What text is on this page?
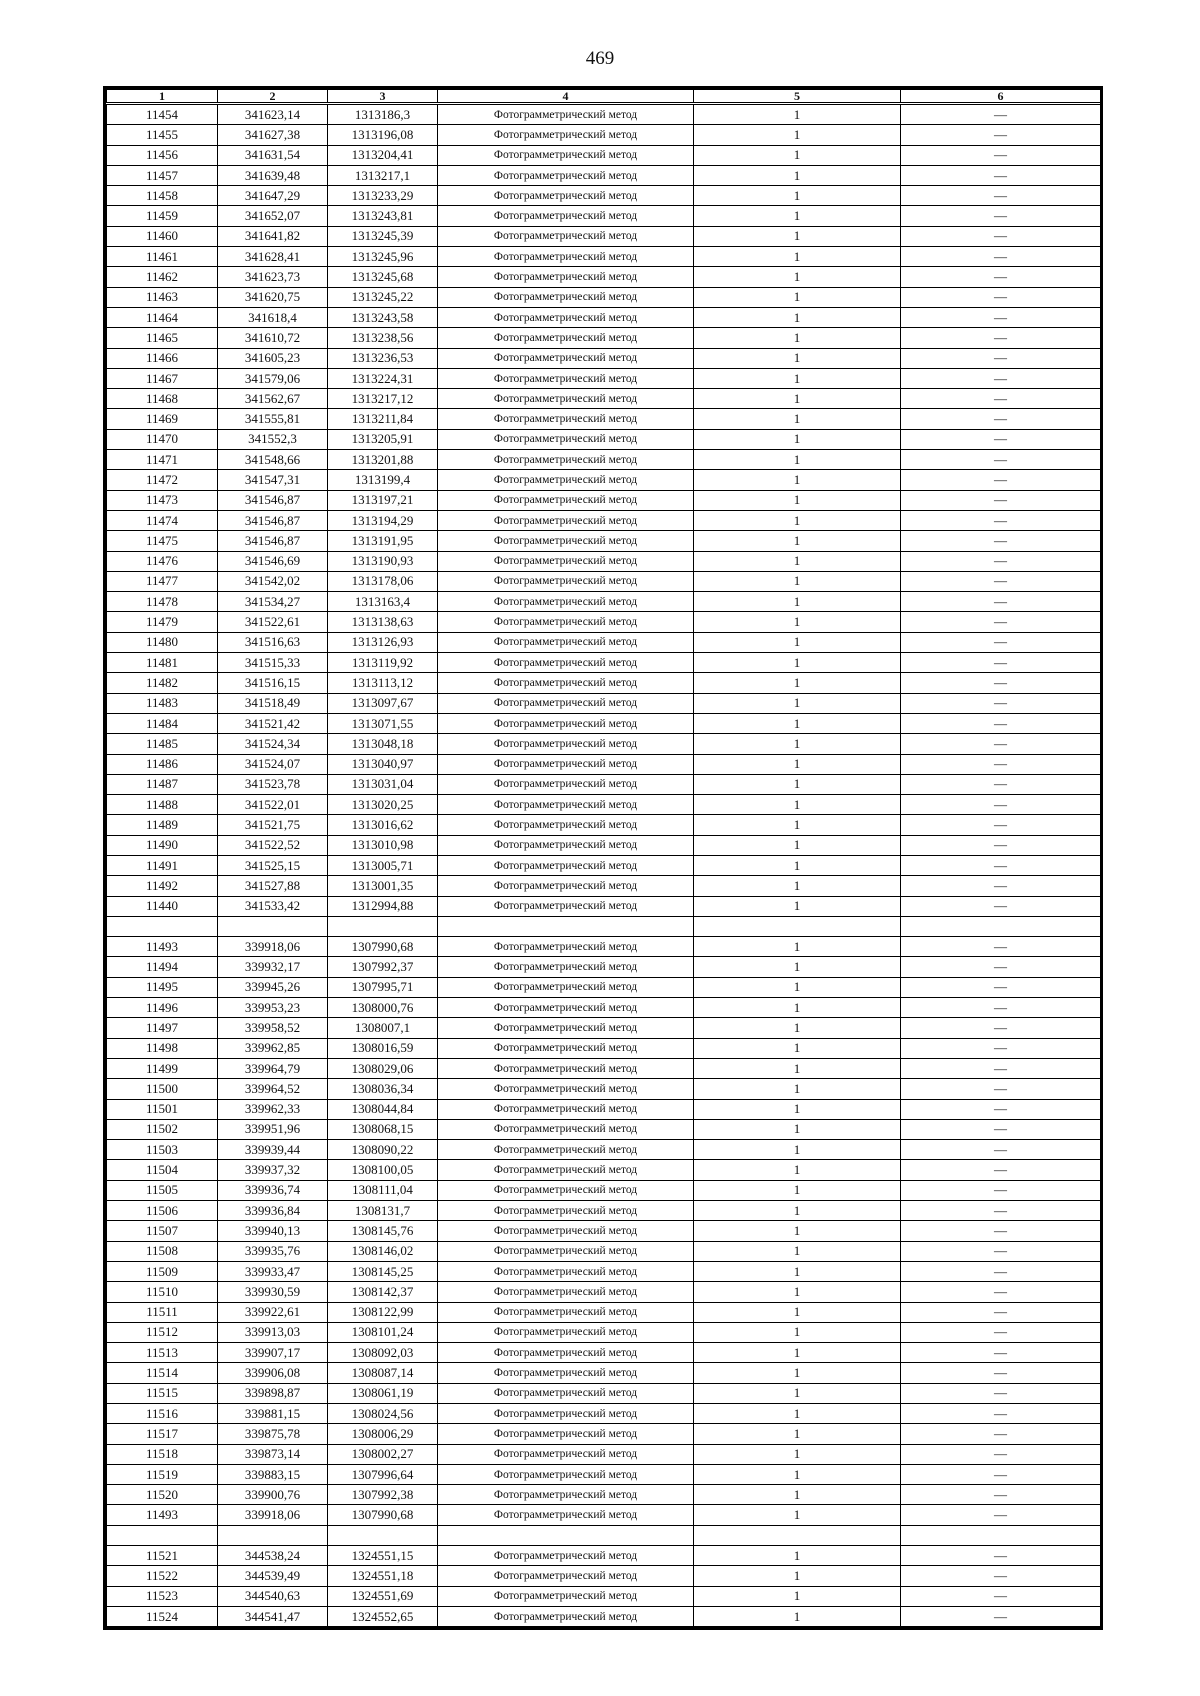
469
1	2	3	4	5	6
11454	341623,14	1313186,3	Фотограмметрический метод	1	—
11455	341627,38	1313196,08	Фотограмметрический метод	1	—
11456	341631,54	1313204,41	Фотограмметрический метод	1	—
11457	341639,48	1313217,1	Фотограмметрический метод	1	—
11458	341647,29	1313233,29	Фотограмметрический метод	1	—
11459	341652,07	1313243,81	Фотограмметрический метод	1	—
11460	341641,82	1313245,39	Фотограмметрический метод	1	—
11461	341628,41	1313245,96	Фотограмметрический метод	1	—
11462	341623,73	1313245,68	Фотограмметрический метод	1	—
11463	341620,75	1313245,22	Фотограмметрический метод	1	—
11464	341618,4	1313243,58	Фотограмметрический метод	1	—
11465	341610,72	1313238,56	Фотограмметрический метод	1	—
11466	341605,23	1313236,53	Фотограмметрический метод	1	—
11467	341579,06	1313224,31	Фотограмметрический метод	1	—
11468	341562,67	1313217,12	Фотограмметрический метод	1	—
11469	341555,81	1313211,84	Фотограмметрический метод	1	—
11470	341552,3	1313205,91	Фотограмметрический метод	1	—
11471	341548,66	1313201,88	Фотограмметрический метод	1	—
11472	341547,31	1313199,4	Фотограмметрический метод	1	—
11473	341546,87	1313197,21	Фотограмметрический метод	1	—
11474	341546,87	1313194,29	Фотограмметрический метод	1	—
11475	341546,87	1313191,95	Фотограмметрический метод	1	—
11476	341546,69	1313190,93	Фотограмметрический метод	1	—
11477	341542,02	1313178,06	Фотограмметрический метод	1	—
11478	341534,27	1313163,4	Фотограмметрический метод	1	—
11479	341522,61	1313138,63	Фотограмметрический метод	1	—
11480	341516,63	1313126,93	Фотограмметрический метод	1	—
11481	341515,33	1313119,92	Фотограмметрический метод	1	—
11482	341516,15	1313113,12	Фотограмметрический метод	1	—
11483	341518,49	1313097,67	Фотограмметрический метод	1	—
11484	341521,42	1313071,55	Фотограмметрический метод	1	—
11485	341524,34	1313048,18	Фотограмметрический метод	1	—
11486	341524,07	1313040,97	Фотограмметрический метод	1	—
11487	341523,78	1313031,04	Фотограмметрический метод	1	—
11488	341522,01	1313020,25	Фотограмметрический метод	1	—
11489	341521,75	1313016,62	Фотограмметрический метод	1	—
11490	341522,52	1313010,98	Фотограмметрический метод	1	—
11491	341525,15	1313005,71	Фотограмметрический метод	1	—
11492	341527,88	1313001,35	Фотограмметрический метод	1	—
11440	341533,42	1312994,88	Фотограмметрический метод	1	—

11493	339918,06	1307990,68	Фотограмметрический метод	1	—
11494	339932,17	1307992,37	Фотограмметрический метод	1	—
11495	339945,26	1307995,71	Фотограмметрический метод	1	—
11496	339953,23	1308000,76	Фотограмметрический метод	1	—
11497	339958,52	1308007,1	Фотограмметрический метод	1	—
11498	339962,85	1308016,59	Фотограмметрический метод	1	—
11499	339964,79	1308029,06	Фотограмметрический метод	1	—
11500	339964,52	1308036,34	Фотограмметрический метод	1	—
11501	339962,33	1308044,84	Фотограмметрический метод	1	—
11502	339951,96	1308068,15	Фотограмметрический метод	1	—
11503	339939,44	1308090,22	Фотограмметрический метод	1	—
11504	339937,32	1308100,05	Фотограмметрический метод	1	—
11505	339936,74	1308111,04	Фотограмметрический метод	1	—
11506	339936,84	1308131,7	Фотограмметрический метод	1	—
11507	339940,13	1308145,76	Фотограмметрический метод	1	—
11508	339935,76	1308146,02	Фотограмметрический метод	1	—
11509	339933,47	1308145,25	Фотограмметрический метод	1	—
11510	339930,59	1308142,37	Фотограмметрический метод	1	—
11511	339922,61	1308122,99	Фотограмметрический метод	1	—
11512	339913,03	1308101,24	Фотограмметрический метод	1	—
11513	339907,17	1308092,03	Фотограмметрический метод	1	—
11514	339906,08	1308087,14	Фотограмметрический метод	1	—
11515	339898,87	1308061,19	Фотограмметрический метод	1	—
11516	339881,15	1308024,56	Фотограмметрический метод	1	—
11517	339875,78	1308006,29	Фотограмметрический метод	1	—
11518	339873,14	1308002,27	Фотограмметрический метод	1	—
11519	339883,15	1307996,64	Фотограмметрический метод	1	—
11520	339900,76	1307992,38	Фотограмметрический метод	1	—
11493	339918,06	1307990,68	Фотограмметрический метод	1	—

11521	344538,24	1324551,15	Фотограмметрический метод	1	—
11522	344539,49	1324551,18	Фотограмметрический метод	1	—
11523	344540,63	1324551,69	Фотограмметрический метод	1	—
11524	344541,47	1324552,65	Фотограмметрический метод	1	—
